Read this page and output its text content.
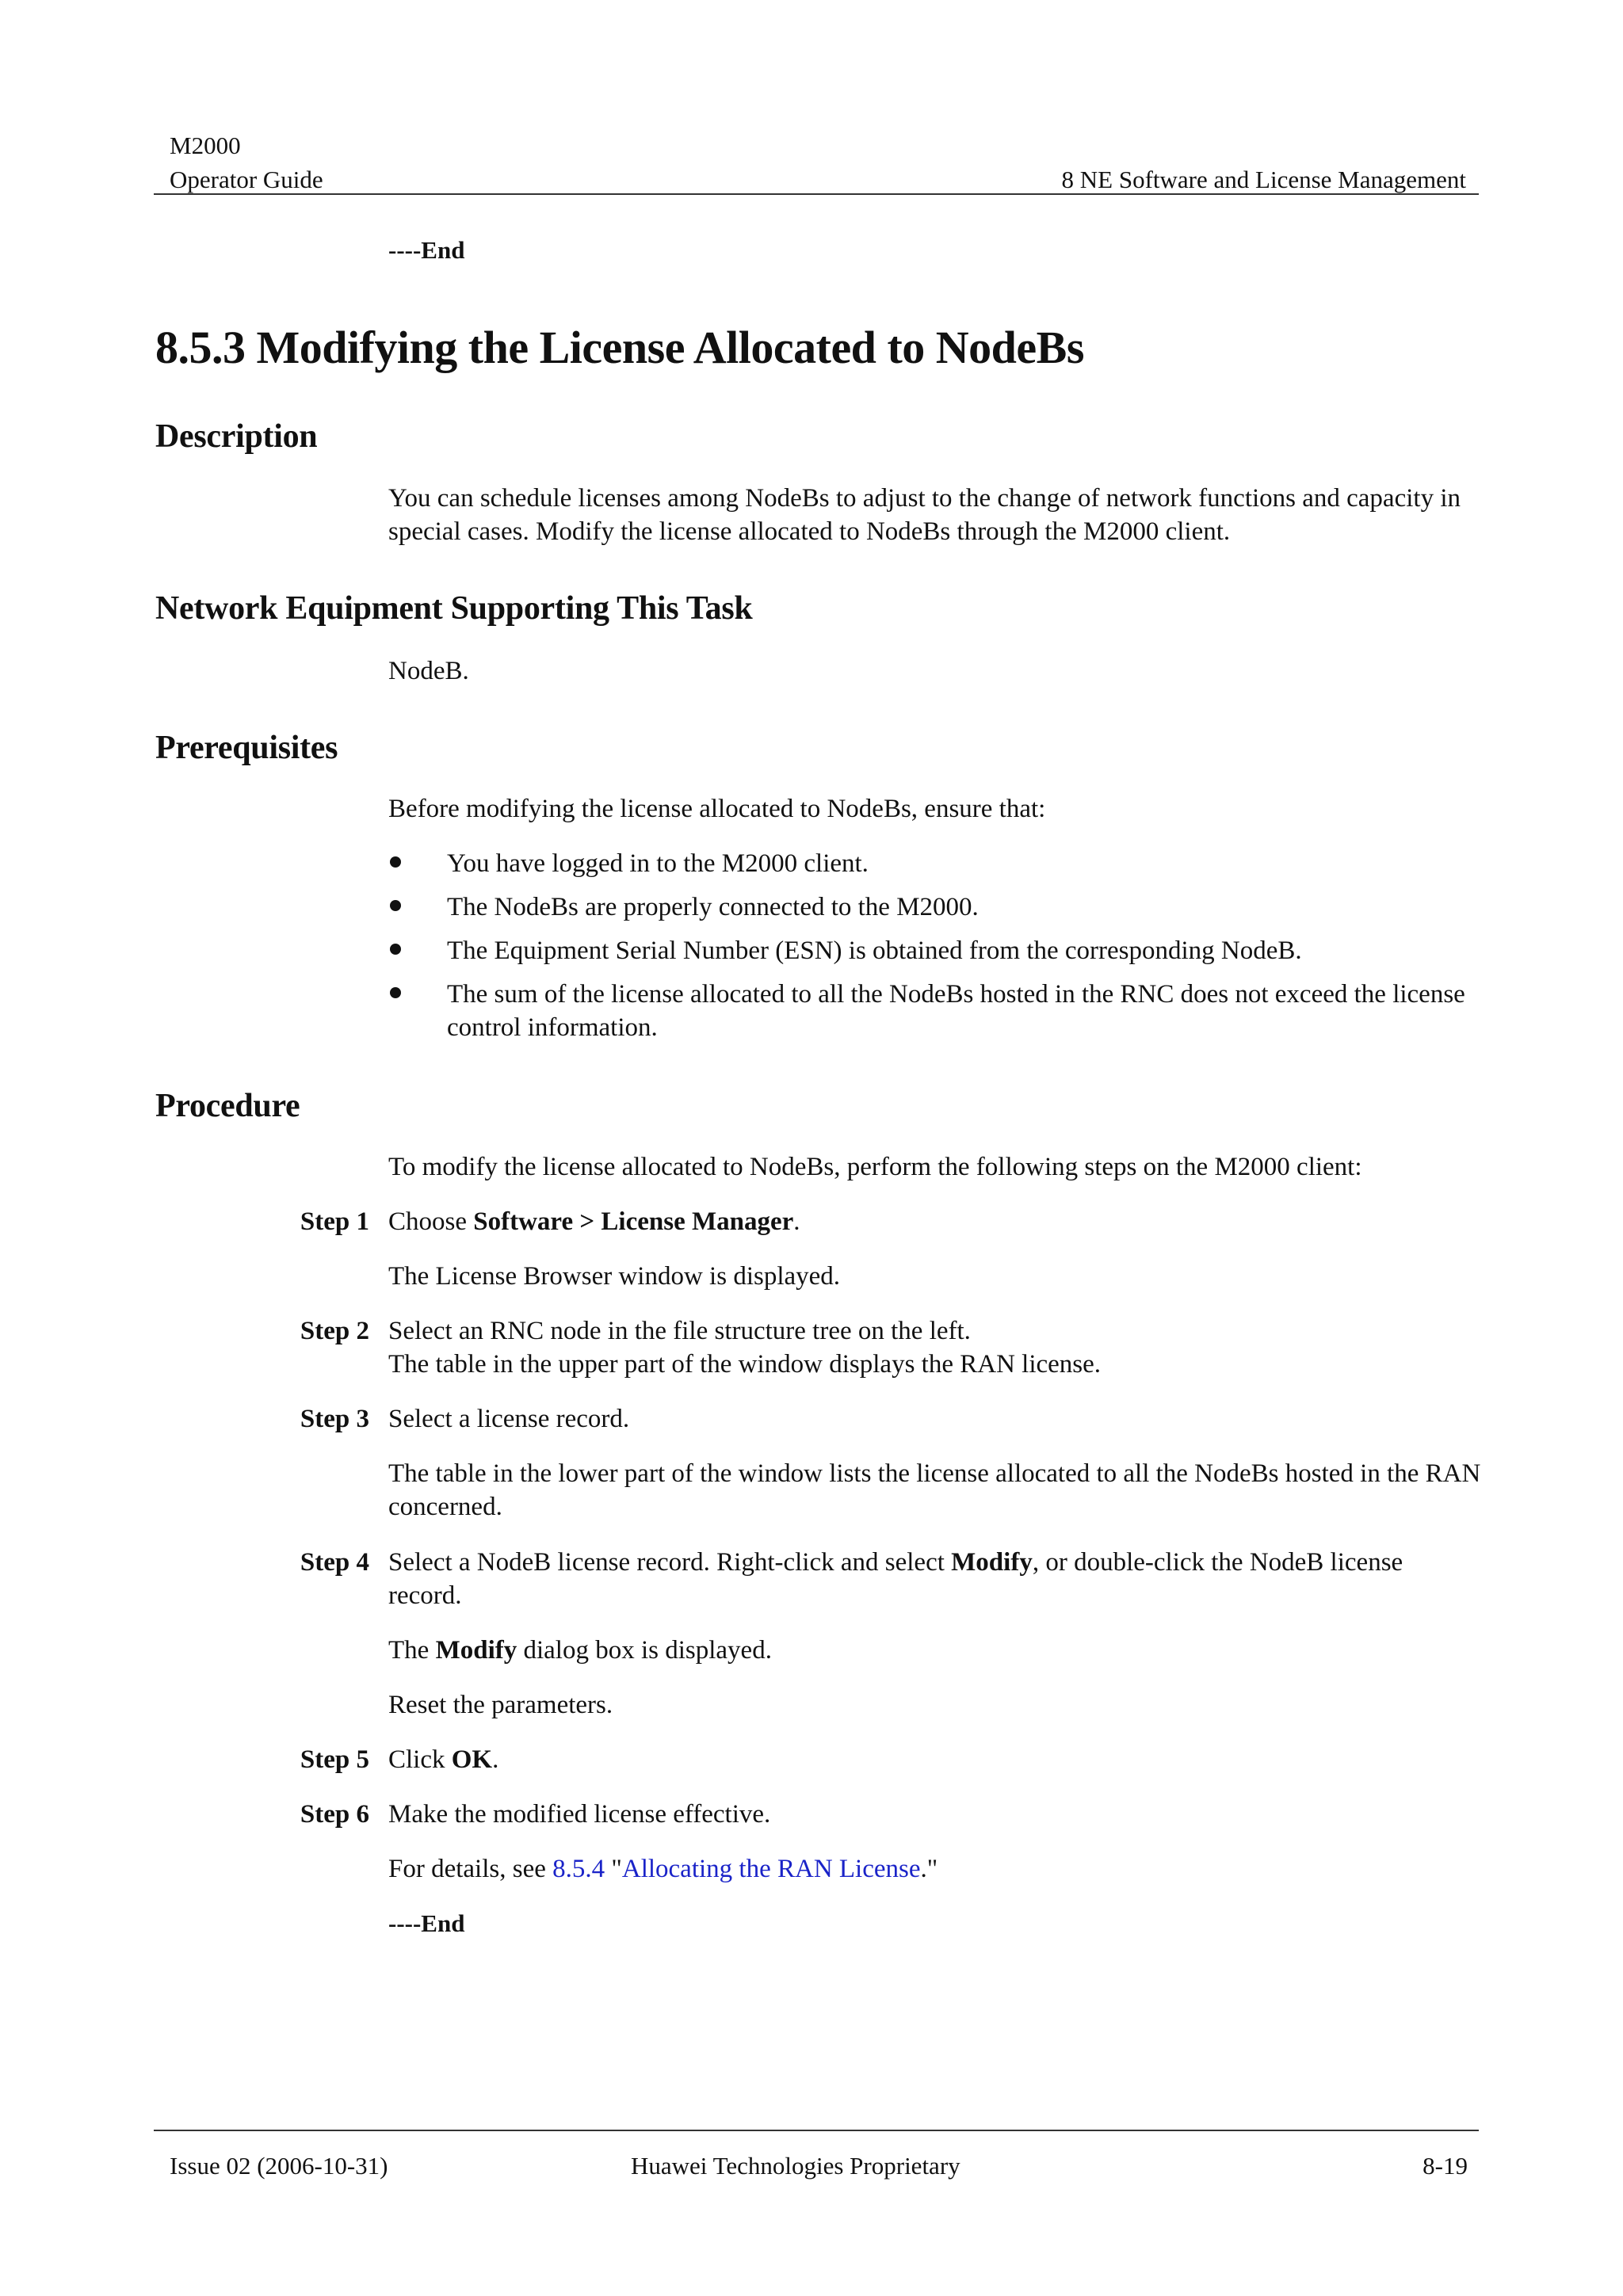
M2000
Operator Guide	8 NE Software and License Management
----End
8.5.3 Modifying the License Allocated to NodeBs
Description
You can schedule licenses among NodeBs to adjust to the change of network functions and capacity in special cases. Modify the license allocated to NodeBs through the M2000 client.
Network Equipment Supporting This Task
NodeB.
Prerequisites
Before modifying the license allocated to NodeBs, ensure that:
You have logged in to the M2000 client.
The NodeBs are properly connected to the M2000.
The Equipment Serial Number (ESN) is obtained from the corresponding NodeB.
The sum of the license allocated to all the NodeBs hosted in the RNC does not exceed the license control information.
Procedure
To modify the license allocated to NodeBs, perform the following steps on the M2000 client:
Step 1 Choose Software > License Manager.
The License Browser window is displayed.
Step 2 Select an RNC node in the file structure tree on the left.
The table in the upper part of the window displays the RAN license.
Step 3 Select a license record.
The table in the lower part of the window lists the license allocated to all the NodeBs hosted in the RAN concerned.
Step 4 Select a NodeB license record. Right-click and select Modify, or double-click the NodeB license record.
The Modify dialog box is displayed.
Reset the parameters.
Step 5 Click OK.
Step 6 Make the modified license effective.
For details, see 8.5.4 "Allocating the RAN License."
----End
Issue 02 (2006-10-31)	Huawei Technologies Proprietary	8-19
